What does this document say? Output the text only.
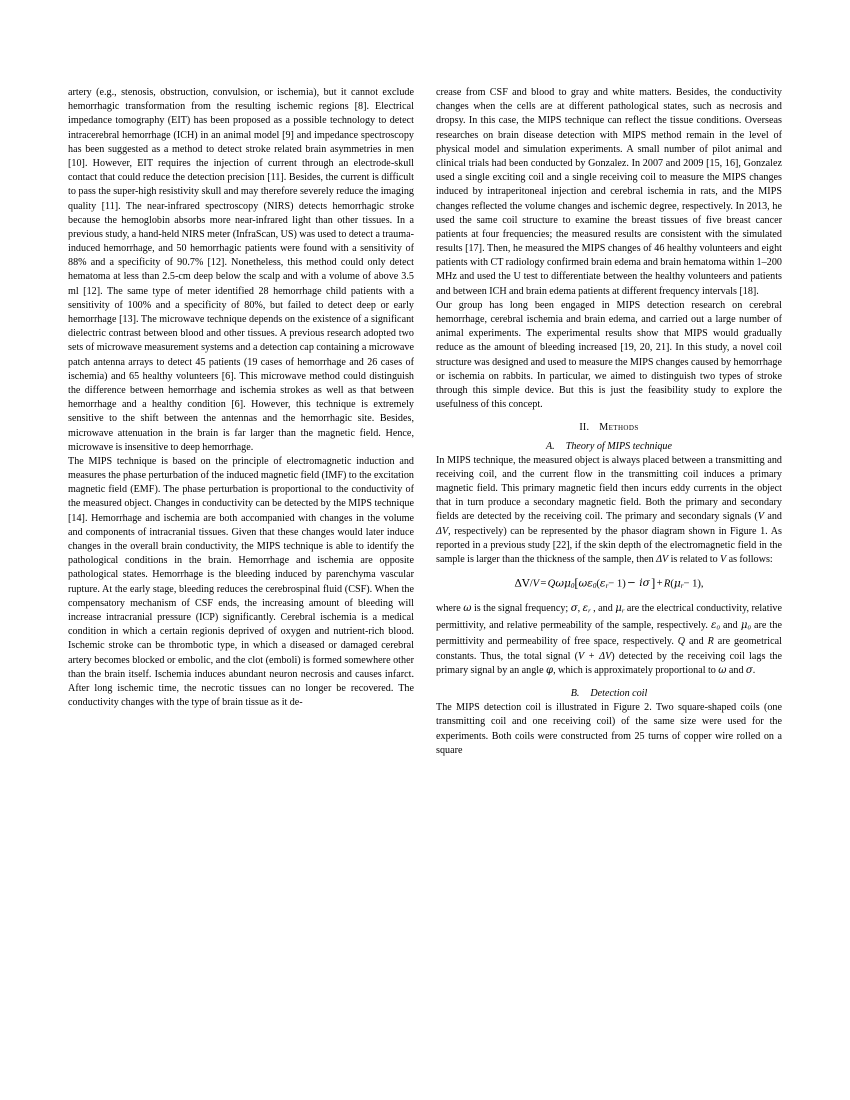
artery (e.g., stenosis, obstruction, convulsion, or ischemia), but it cannot exclude hemorrhagic transformation from the resulting ischemic regions [8]. Electrical impedance tomography (EIT) has been proposed as a possible technology to detect intracerebral hemorrhage (ICH) in an animal model [9] and impedance spectroscopy has been suggested as a method to detect stroke related brain asymmetries in men [10]. However, EIT requires the injection of current through an electrode-skull contact that could reduce the detection precision [11]. Besides, the current is difficult to pass the super-high resistivity skull and may therefore severely reduce the imaging quality [11]. The near-infrared spectroscopy (NIRS) detects hemorrhagic stroke because the hemoglobin absorbs more near-infrared light than other tissues. In a previous study, a hand-held NIRS meter (InfraScan, US) was used to detect a trauma-induced hemorrhage, and 50 hemorrhagic patients were found with a sensitivity of 88% and a specificity of 90.7% [12]. Nonetheless, this method could only detect hematoma at less than 2.5-cm deep below the scalp and with a volume of above 3.5 ml [12]. The same type of meter identified 28 hemorrhage child patients with a sensitivity of 100% and a specificity of 80%, but failed to detect deep or early hemorrhage [13]. The microwave technique depends on the existence of a significant dielectric contrast between blood and other tissues. A previous research adopted two sets of microwave measurement systems and a detection cap containing a microwave patch antenna arrays to detect 45 patients (19 cases of hemorrhage and 26 cases of ischemia) and 65 healthy volunteers [6]. This microwave method could distinguish the difference between hemorrhage and ischemia strokes as well as that between hemorrhage and a healthy condition [6]. However, this technique is extremely sensitive to the shift between the antennas and the hemorrhagic site. Besides, microwave attenuation in the brain is far larger than the magnetic field. Hence, microwave is insensitive to deep hemorrhage.

The MIPS technique is based on the principle of electromagnetic induction and measures the phase perturbation of the induced magnetic field (IMF) to the excitation magnetic field (EMF). The phase perturbation is proportional to the conductivity of the measured object. Changes in conductivity can be detected by the MIPS technique [14]. Hemorrhage and ischemia are both accompanied with changes in the volume and components of intracranial tissues. Given that these changes would later induce changes in the overall brain conductivity, the MIPS technique is able to identify the pathological conditions in the brain. Hemorrhage and ischemia are opposite pathological states. Hemorrhage is the bleeding induced by parenchyma vascular rupture. At the early stage, bleeding reduces the cerebrospinal fluid (CSF). When the compensatory mechanism of CSF ends, the increasing amount of bleeding will increase intracranial pressure (ICP) significantly. Cerebral ischemia is a medical condition in which a certain regionis deprived of oxygen and nutrient-rich blood. Ischemic stroke can be thrombotic type, in which a diseased or damaged cerebral artery becomes blocked or embolic, and the clot (emboli) is formed somewhere other than the brain itself. Ischemia induces abundant neuron necrosis and causes infarct. After long ischemic time, the necrotic tissues can no longer be recovered. The conductivity changes with the type of brain tissue as it de-

crease from CSF and blood to gray and white matters. Besides, the conductivity changes when the cells are at different pathological states, such as necrosis and dropsy. In this case, the MIPS technique can reflect the tissue conditions. Overseas researches on brain disease detection with MIPS method remain in the level of physical model and simulation experiments. A small number of pilot animal and clinical trials had been conducted by Gonzalez. In 2007 and 2009 [15, 16], Gonzalez used a single exciting coil and a single receiving coil to measure the MIPS changes induced by intraperitoneal injection and cerebral ischemia in rats, and the MIPS changes reflected the volume changes and ischemic degree, respectively. In 2013, he used the same coil structure to examine the breast tissues of five breast cancer patients at four frequencies; the measured results are consistent with the simulated results [17]. Then, he measured the MIPS changes of 46 healthy volunteers and eight patients with CT radiology confirmed brain edema and brain hematoma within 1–200 MHz and used the U test to differentiate between the healthy volunteers and patients and between ICH and brain edema patients at different frequency intervals [18].

Our group has long been engaged in MIPS detection research on cerebral hemorrhage, cerebral ischemia and brain edema, and carried out a large number of animal experiments. The experimental results show that MIPS would gradually reduce as the amount of bleeding increased [19, 20, 21]. In this study, a novel coil structure was designed and used to measure the MIPS changes caused by hemorrhage or ischemia on rabbits. In particular, we aimed to distinguish two types of stroke through this simple device. But this is just the feasibility study to explore the usefulness of this concept.

II. Methods

A. Theory of MIPS technique

In MIPS technique, the measured object is always placed between a transmitting and receiving coil, and the current flow in the transmitting coil induces a primary magnetic field. This primary magnetic field then incurs eddy currents in the object that in turn produce a secondary magnetic field. Both the primary and secondary fields are detected by the receiving coil. The primary and secondary signals (V and ΔV, respectively) can be represented by the phasor diagram shown in Figure 1. As reported in a previous study [22], if the skin depth of the electromagnetic field in the sample is larger than the thickness of the sample, then ΔV is related to V as follows:

$\Delta V/V=Q\omega\mu_0[\omega\varepsilon_0(\varepsilon_r- 1)- i\sigma]+R(\mu_r- 1)$,

where ω is the signal frequency; σ, $\varepsilon_r$ , and $\mu_r$ are the electrical conductivity, relative permittivity, and relative permeability of the sample, respectively. $\varepsilon_0$ and $\mu_0$ are the permittivity and permeability of free space, respectively. Q and R are geometrical constants. Thus, the total signal (V + ΔV) detected by the receiving coil lags the primary signal by an angle φ, which is approximately proportional to ω and σ.

B. Detection coil

The MIPS detection coil is illustrated in Figure 2. Two square-shaped coils (one transmitting coil and one receiving coil) of the same size were used for the experiments. Both coils were constructed from 25 turns of copper wire rolled on a square
